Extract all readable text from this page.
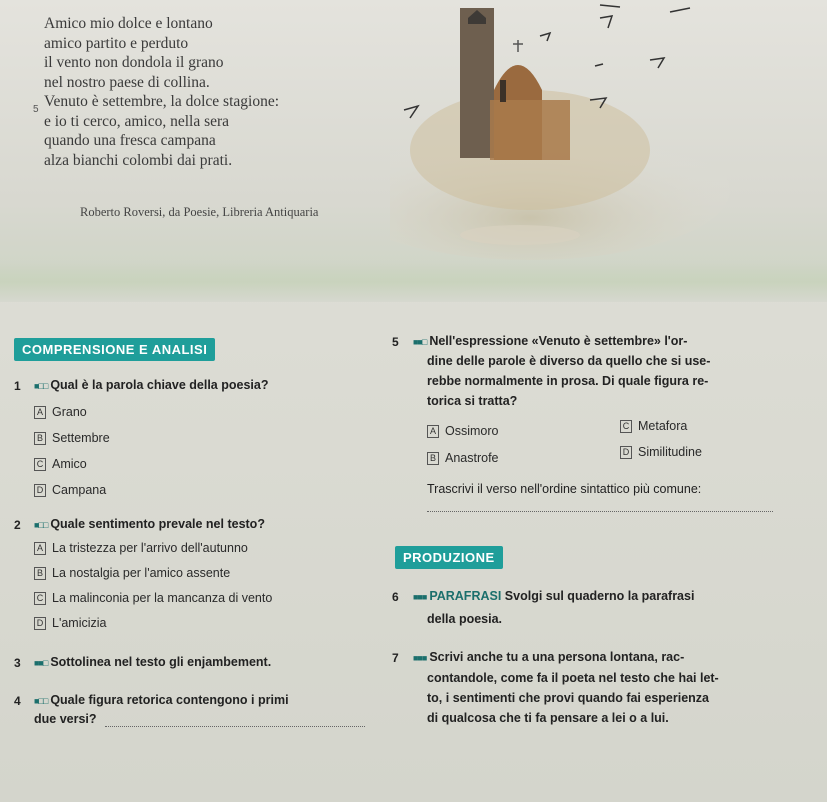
Amico mio dolce e lontano
amico partito e perduto
il vento non dondola il grano
nel nostro paese di collina.
Venuto è settembre, la dolce stagione:
e io ti cerco, amico, nella sera
quando una fresca campana
alza bianchi colombi dai prati.
5
Roberto Roversi, da Poesie, Libreria Antiquaria
COMPRENSIONE E ANALISI
PRODUZIONE
1 ■□□ Qual è la parola chiave della poesia?
A Grano
B Settembre
C Amico
D Campana
2 ■□□ Quale sentimento prevale nel testo?
A La tristezza per l'arrivo dell'autunno
B La nostalgia per l'amico assente
C La malinconia per la mancanza di vento
D L'amicizia
3 ■■□ Sottolinea nel testo gli enjambement.
4 ■□□ Quale figura retorica contengono i primi
due versi?
5 ■■□ Nell'espressione «Venuto è settembre» l'or-
dine delle parole è diverso da quello che si use-
rebbe normalmente in prosa. Di quale figura re-
torica si tratta?
A Ossimoro
B Anastrofe
C Metafora
D Similitudine
Trascrivi il verso nell'ordine sintattico più comune:
6 ■■■ PARAFRASI Svolgi sul quaderno la parafrasi
della poesia.
7 ■■■ Scrivi anche tu a una persona lontana, rac-
contandole, come fa il poeta nel testo che hai let-
to, i sentimenti che provi quando fai esperienza
di qualcosa che ti fa pensare a lei o a lui.
